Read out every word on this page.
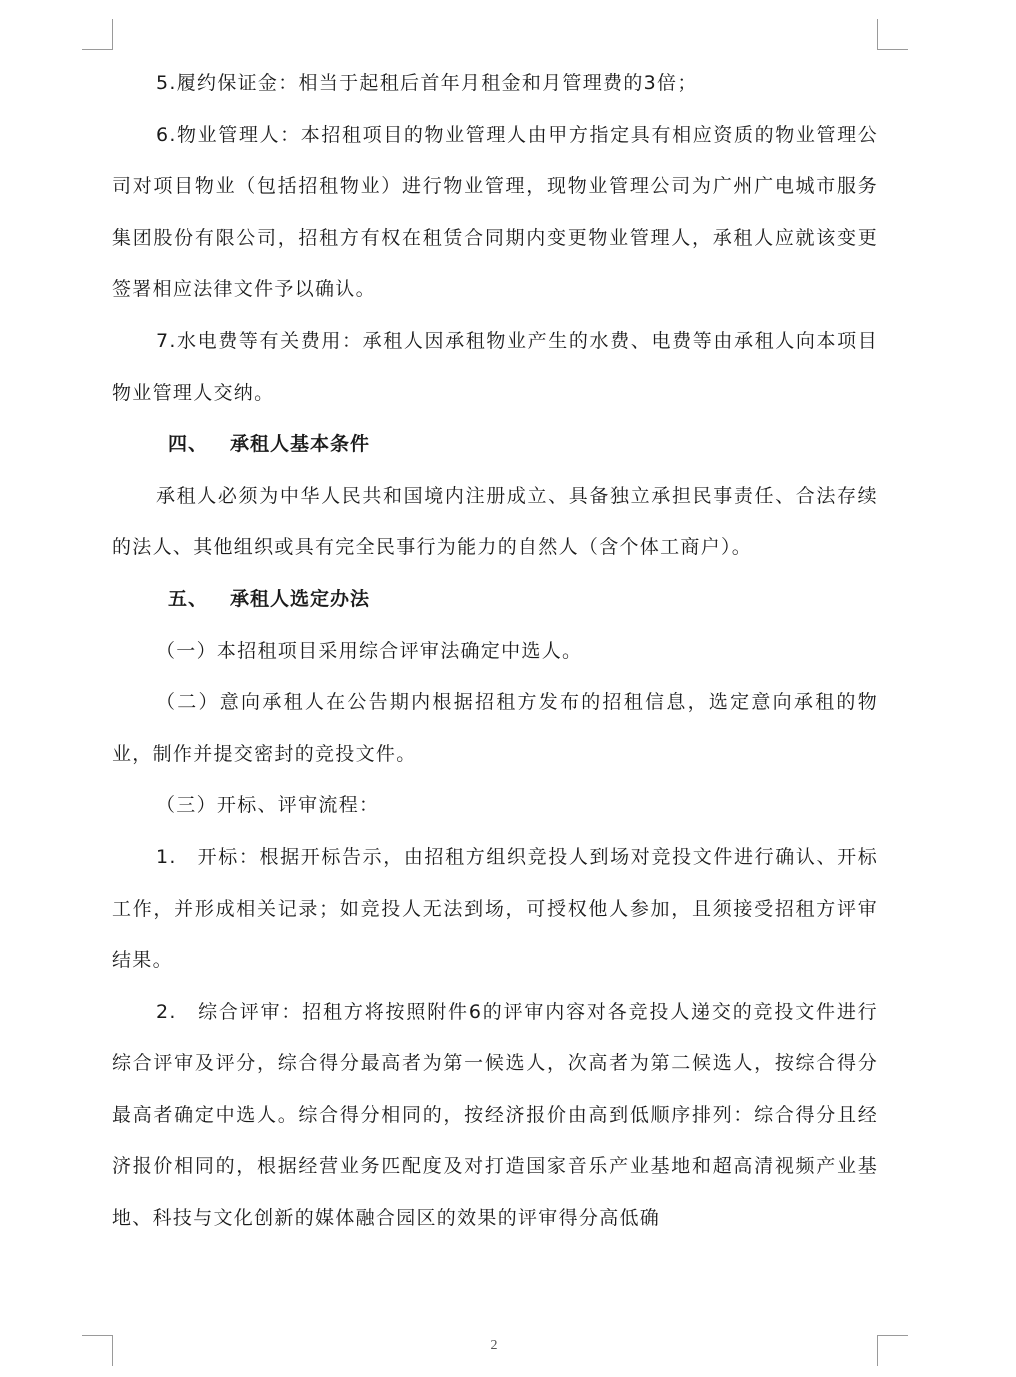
5.履约保证金：相当于起租后首年月租金和月管理费的3倍；

6.物业管理人：本招租项目的物业管理人由甲方指定具有相应资质的物业管理公司对项目物业（包括招租物业）进行物业管理，现物业管理公司为广州广电城市服务集团股份有限公司，招租方有权在租赁合同期内变更物业管理人，承租人应就该变更签署相应法律文件予以确认。

7.水电费等有关费用：承租人因承租物业产生的水费、电费等由承租人向本项目物业管理人交纳。

四、 承租人基本条件

承租人必须为中华人民共和国境内注册成立、具备独立承担民事责任、合法存续的法人、其他组织或具有完全民事行为能力的自然人（含个体工商户）。

五、 承租人选定办法

（一）本招租项目采用综合评审法确定中选人。

（二）意向承租人在公告期内根据招租方发布的招租信息，选定意向承租的物业，制作并提交密封的竞投文件。

（三）开标、评审流程：

1.　开标：根据开标告示，由招租方组织竞投人到场对竞投文件进行确认、开标工作，并形成相关记录；如竞投人无法到场，可授权他人参加，且须接受招租方评审结果。

2.　综合评审：招租方将按照附件6的评审内容对各竞投人递交的竞投文件进行综合评审及评分，综合得分最高者为第一候选人，次高者为第二候选人，按综合得分最高者确定中选人。综合得分相同的，按经济报价由高到低顺序排列：综合得分且经济报价相同的，根据经营业务匹配度及对打造国家音乐产业基地和超高清视频产业基地、科技与文化创新的媒体融合园区的效果的评审得分高低确

2
